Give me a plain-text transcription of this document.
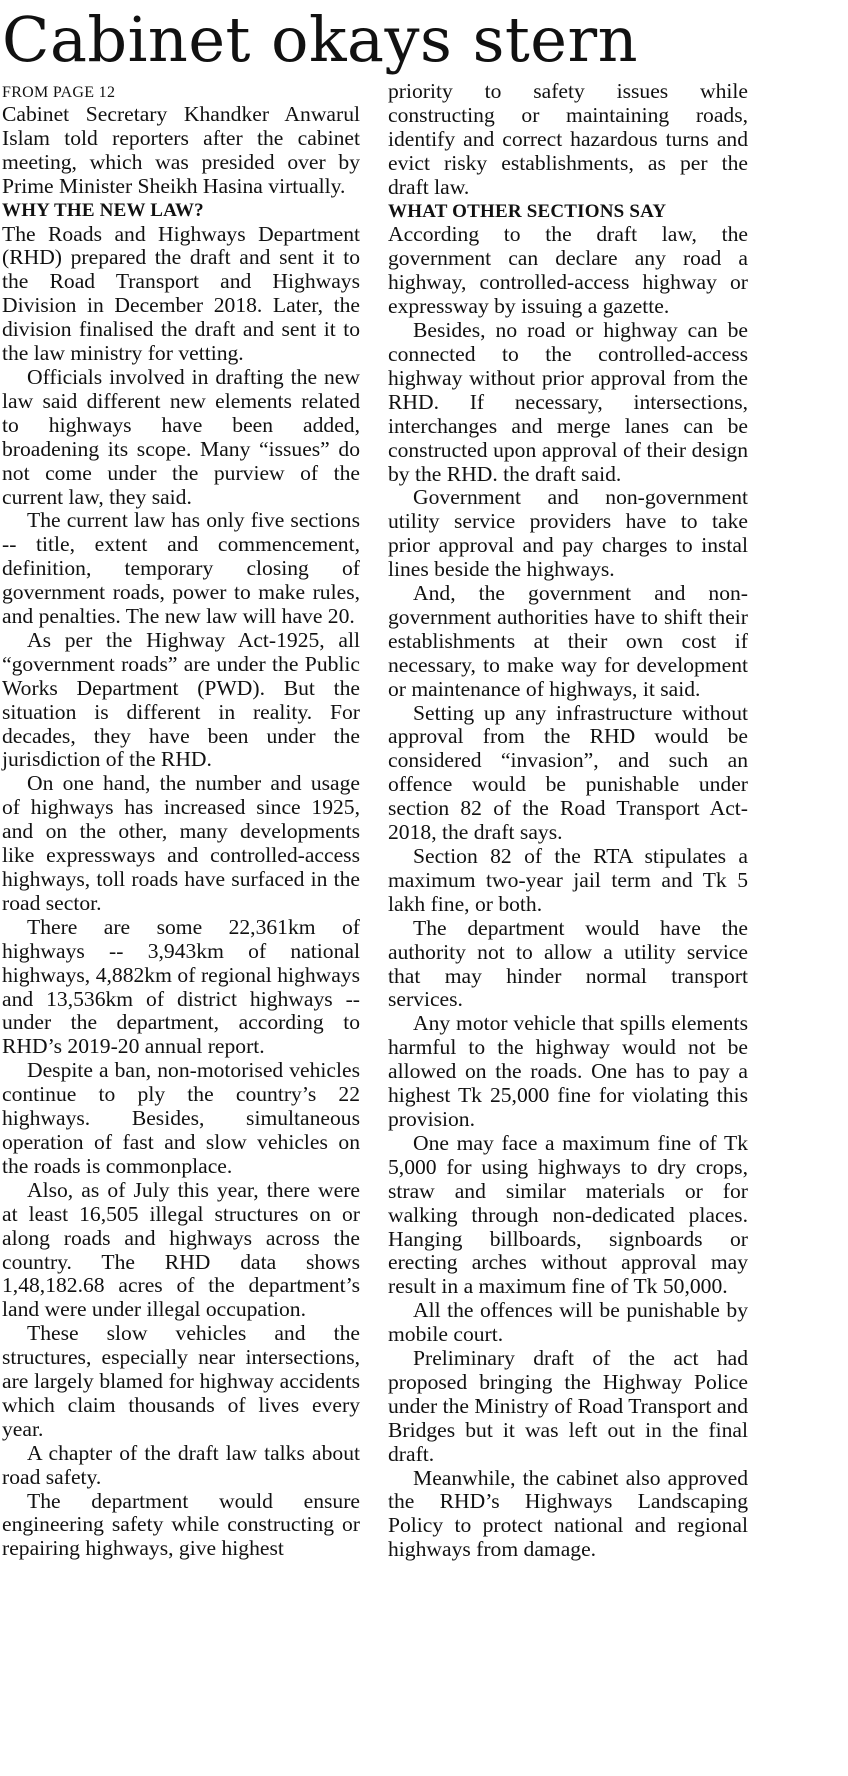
Cabinet okays stern
FROM PAGE 12

Cabinet Secretary Khandker Anwarul Islam told reporters after the cabinet meeting, which was presided over by Prime Minister Sheikh Hasina virtually.

WHY THE NEW LAW?

The Roads and Highways Department (RHD) prepared the draft and sent it to the Road Transport and Highways Division in December 2018. Later, the division finalised the draft and sent it to the law ministry for vetting.

Officials involved in drafting the new law said different new elements related to highways have been added, broadening its scope. Many “issues” do not come under the purview of the current law, they said.

The current law has only five sections -- title, extent and commencement, definition, temporary closing of government roads, power to make rules, and penalties. The new law will have 20.

As per the Highway Act-1925, all “government roads” are under the Public Works Department (PWD). But the situation is different in reality. For decades, they have been under the jurisdiction of the RHD.

On one hand, the number and usage of highways has increased since 1925, and on the other, many developments like expressways and controlled-access highways, toll roads have surfaced in the road sector.

There are some 22,361km of highways -- 3,943km of national highways, 4,882km of regional highways and 13,536km of district highways -- under the department, according to RHD’s 2019-20 annual report.

Despite a ban, non-motorised vehicles continue to ply the country’s 22 highways. Besides, simultaneous operation of fast and slow vehicles on the roads is commonplace.

Also, as of July this year, there were at least 16,505 illegal structures on or along roads and highways across the country. The RHD data shows 1,48,182.68 acres of the department’s land were under illegal occupation.

These slow vehicles and the structures, especially near intersections, are largely blamed for highway accidents which claim thousands of lives every year.

A chapter of the draft law talks about road safety.

The department would ensure engineering safety while constructing or repairing highways, give highest

priority to safety issues while constructing or maintaining roads, identify and correct hazardous turns and evict risky establishments, as per the draft law.

WHAT OTHER SECTIONS SAY

According to the draft law, the government can declare any road a highway, controlled-access highway or expressway by issuing a gazette.

Besides, no road or highway can be connected to the controlled-access highway without prior approval from the RHD. If necessary, intersections, interchanges and merge lanes can be constructed upon approval of their design by the RHD. the draft said.

Government and non-government utility service providers have to take prior approval and pay charges to instal lines beside the highways.

And, the government and non-government authorities have to shift their establishments at their own cost if necessary, to make way for development or maintenance of highways, it said.

Setting up any infrastructure without approval from the RHD would be considered “invasion”, and such an offence would be punishable under section 82 of the Road Transport Act-2018, the draft says.

Section 82 of the RTA stipulates a maximum two-year jail term and Tk 5 lakh fine, or both.

The department would have the authority not to allow a utility service that may hinder normal transport services.

Any motor vehicle that spills elements harmful to the highway would not be allowed on the roads. One has to pay a highest Tk 25,000 fine for violating this provision.

One may face a maximum fine of Tk 5,000 for using highways to dry crops, straw and similar materials or for walking through non-dedicated places. Hanging billboards, signboards or erecting arches without approval may result in a maximum fine of Tk 50,000.

All the offences will be punishable by mobile court.

Preliminary draft of the act had proposed bringing the Highway Police under the Ministry of Road Transport and Bridges but it was left out in the final draft.

Meanwhile, the cabinet also approved the RHD’s Highways Landscaping Policy to protect national and regional highways from damage.
